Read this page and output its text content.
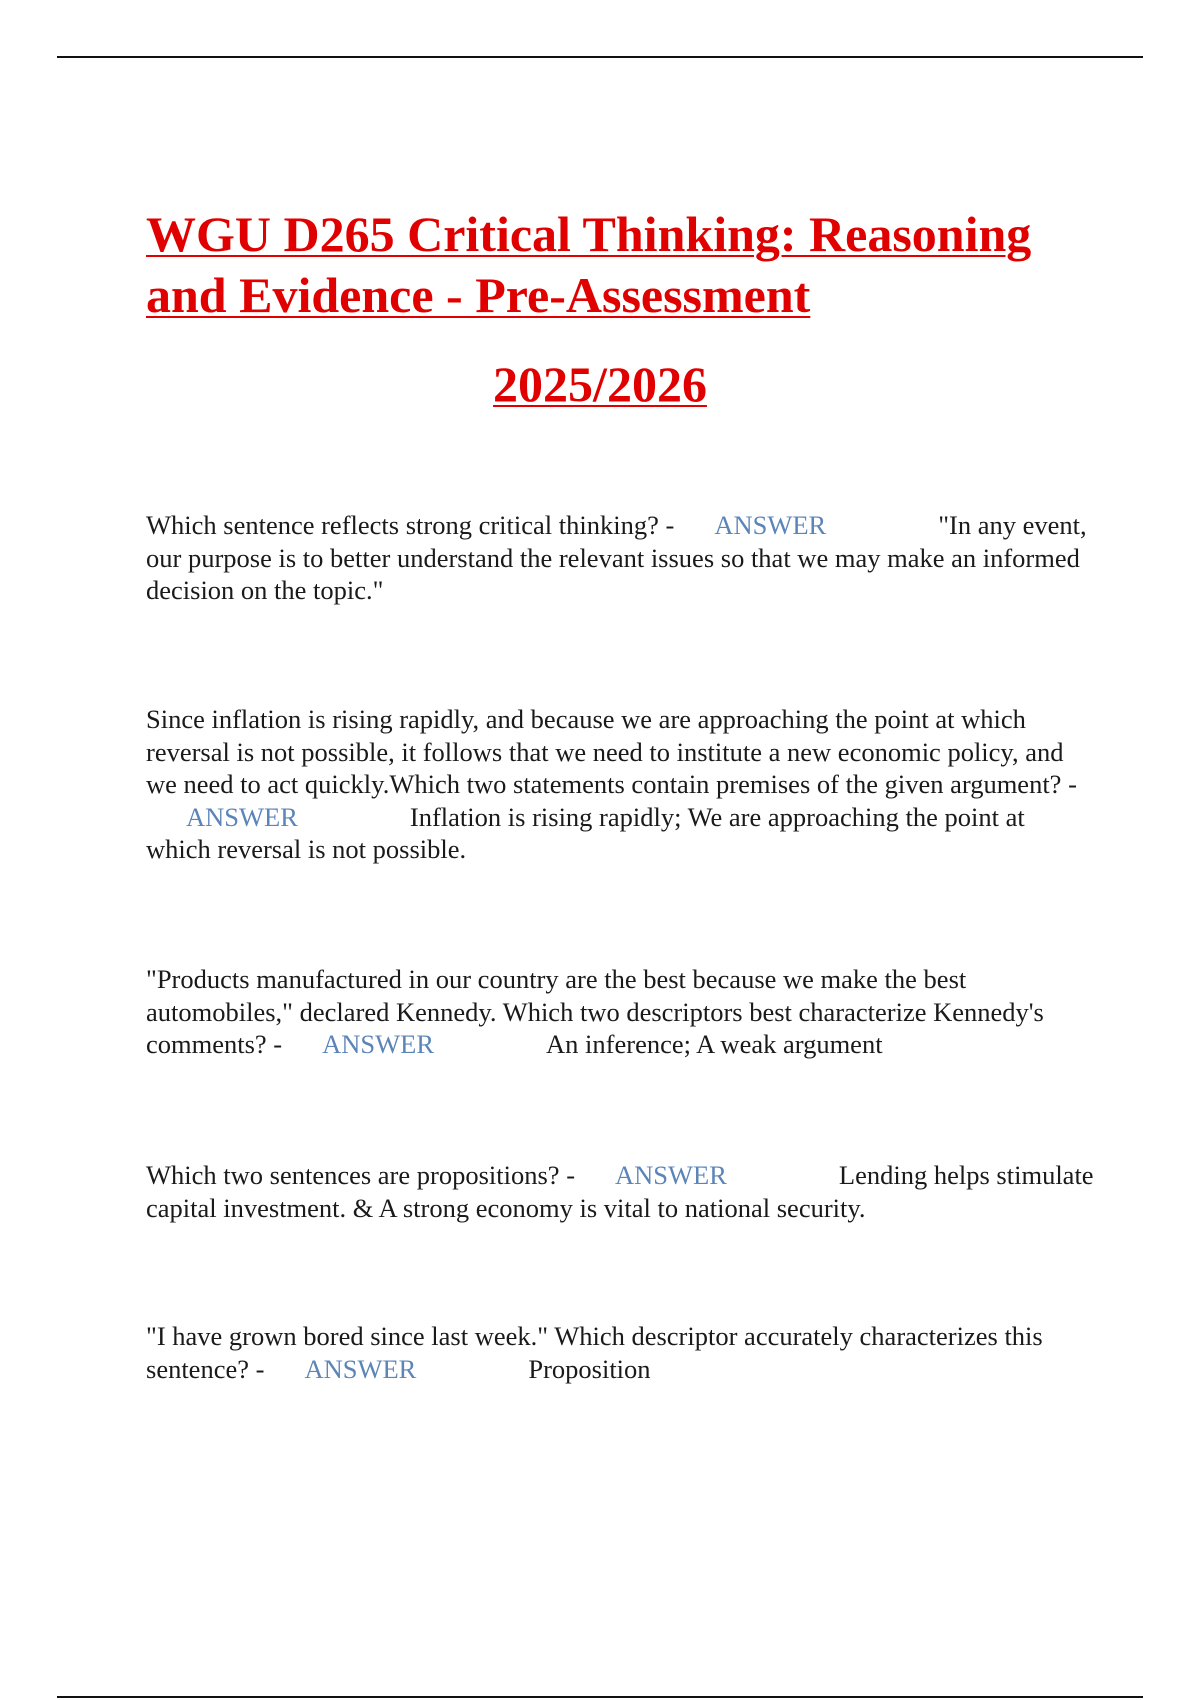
WGU D265 Critical Thinking: Reasoning
and Evidence - Pre-Assessment
2025/2026

Which sentence reflects strong critical thinking? - ANSWER	"In any event, our purpose is to better understand the relevant issues so that we may make an informed decision on the topic."

Since inflation is rising rapidly, and because we are approaching the point at which reversal is not possible, it follows that we need to institute a new economic policy, and we need to act quickly.Which two statements contain premises of the given argument? -ANSWER	Inflation is rising rapidly; We are approaching the point at which reversal is not possible.

"Products manufactured in our country are the best because we make the best automobiles," declared Kennedy. Which two descriptors best characterize Kennedy's comments? - ANSWER	An inference; A weak argument

Which two sentences are propositions? - ANSWER	Lending helps stimulate capital investment. & A strong economy is vital to national security.

"I have grown bored since last week." Which descriptor accurately characterizes this sentence? - ANSWER	Proposition
